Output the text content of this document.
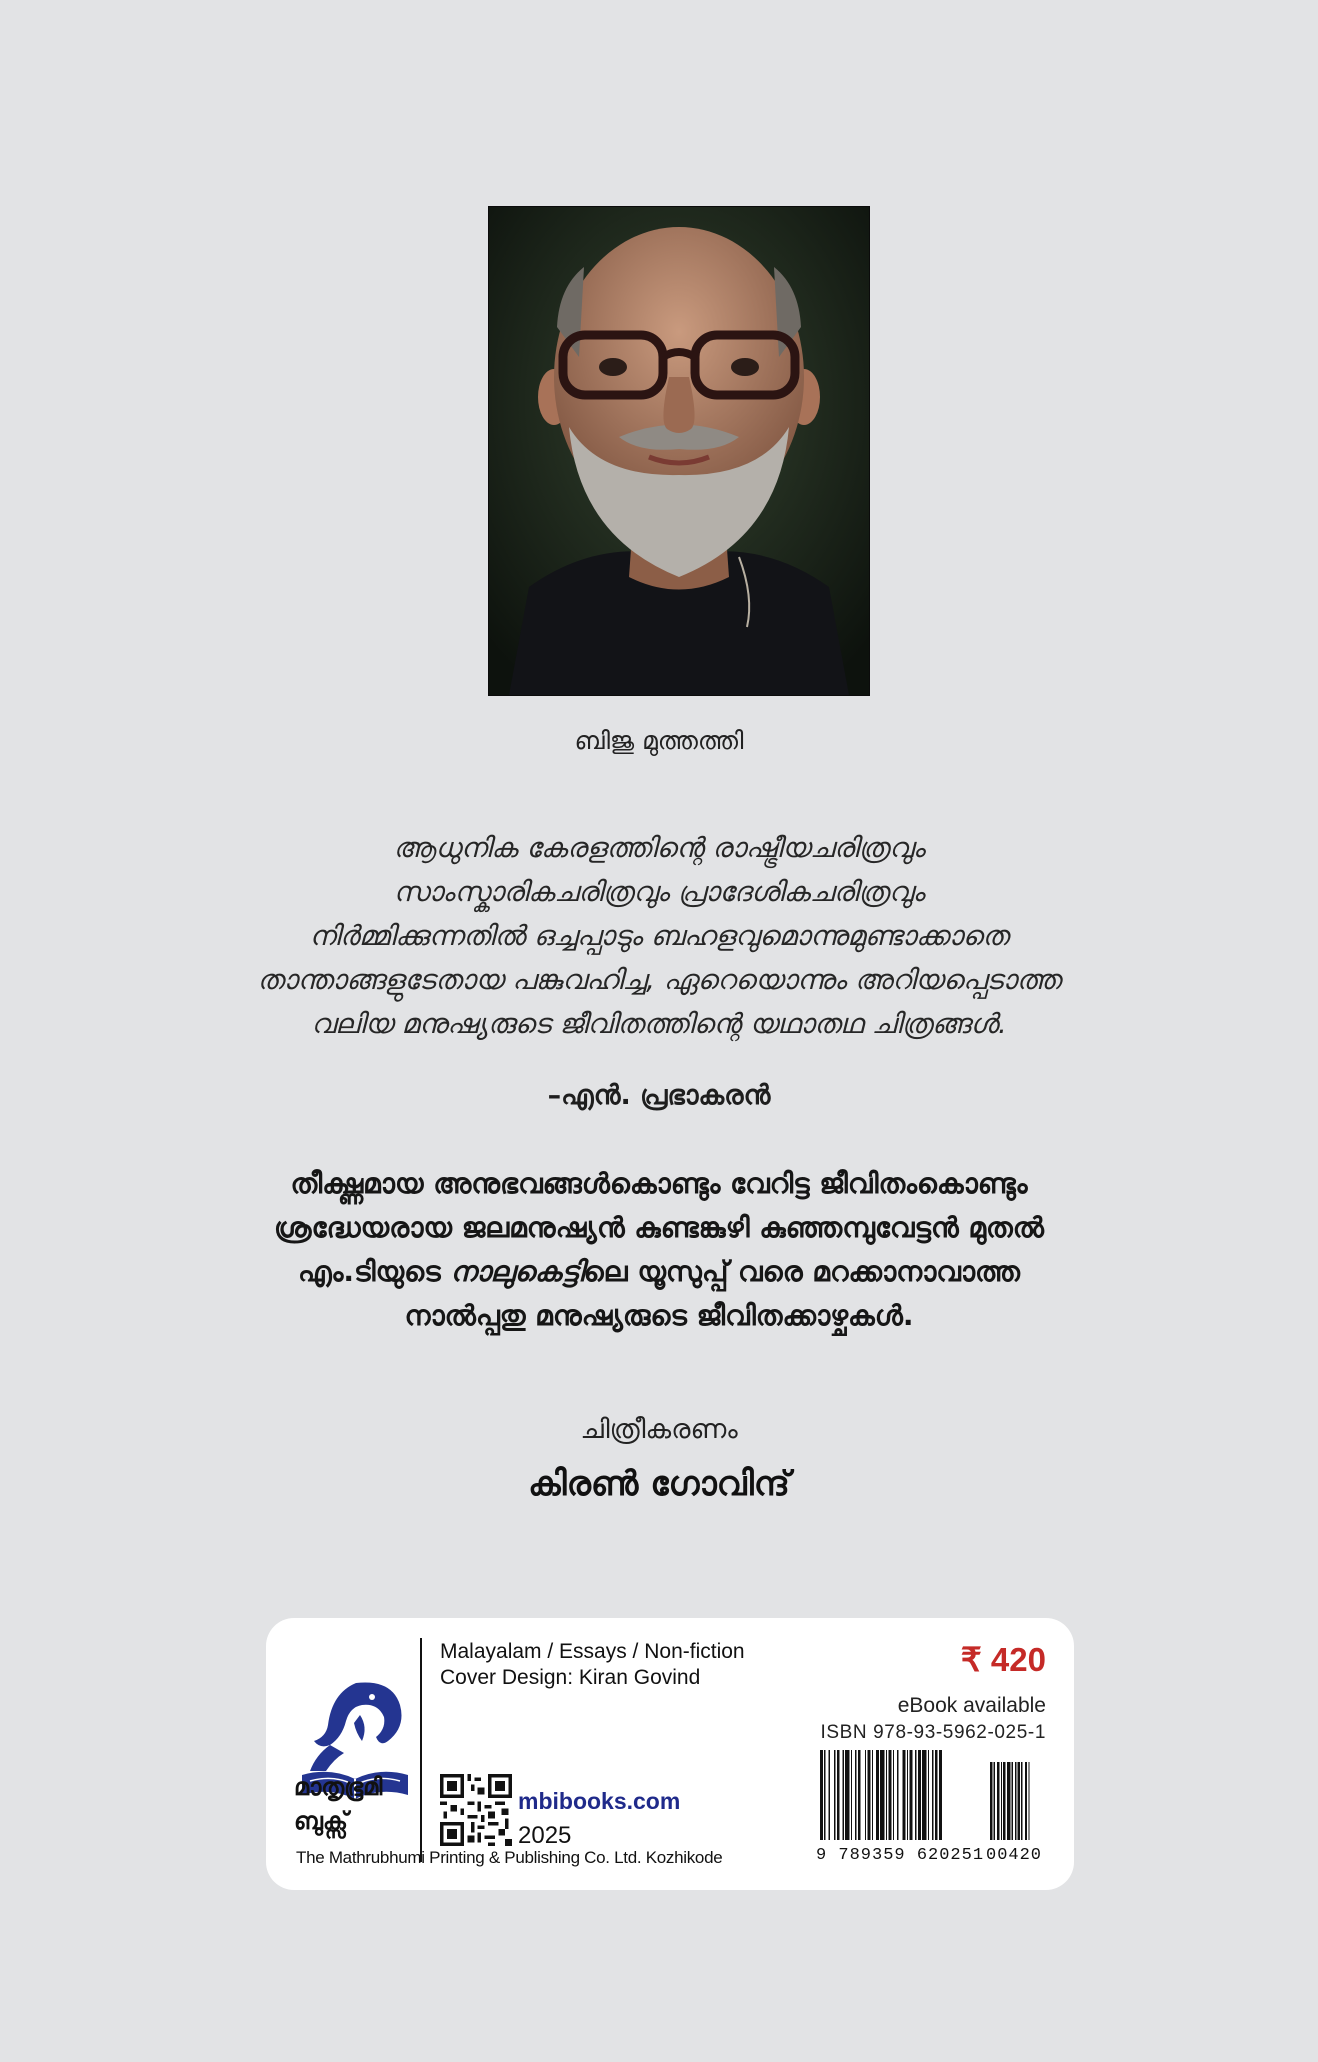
ബിജു മുത്തത്തി
ആധുനിക കേരളത്തിന്റെ രാഷ്ട്രീയചരിത്രവും
സാംസ്കാരികചരിത്രവും പ്രാദേശികചരിത്രവും
നിർമ്മിക്കുന്നതിൽ ഒച്ചപ്പാടും ബഹളവുമൊന്നുമുണ്ടാക്കാതെ
താന്താങ്ങളുടേതായ പങ്കുവഹിച്ച, ഏറെയൊന്നും അറിയപ്പെടാത്ത
വലിയ മനുഷ്യരുടെ ജീവിതത്തിന്റെ യഥാതഥ ചിത്രങ്ങൾ.
–എൻ. പ്രഭാകരൻ
തീക്ഷ്ണമായ അനുഭവങ്ങൾകൊണ്ടും വേറിട്ട ജീവിതംകൊണ്ടും
ശ്രദ്ധേയരായ ജലമനുഷ്യൻ കുണ്ടങ്കുഴി കുഞ്ഞമ്പുവേട്ടൻ മുതൽ
എം.ടിയുടെ നാലുകെട്ടിലെ യൂസുപ്പ് വരെ മറക്കാനാവാത്ത
നാൽപ്പതു മനുഷ്യരുടെ ജീവിതക്കാഴ്ചകൾ.
ചിത്രീകരണം
കിരൺ ഗോവിന്ദ്
മാതൃഭൂമി
ബുക്സ്
The Mathrubhumi Printing & Publishing Co. Ltd. Kozhikode
Malayalam / Essays / Non-fiction
Cover Design: Kiran Govind
mbibooks.com
2025
₹ 420
eBook available
ISBN 978-93-5962-025-1
9 789359 620251 00420
